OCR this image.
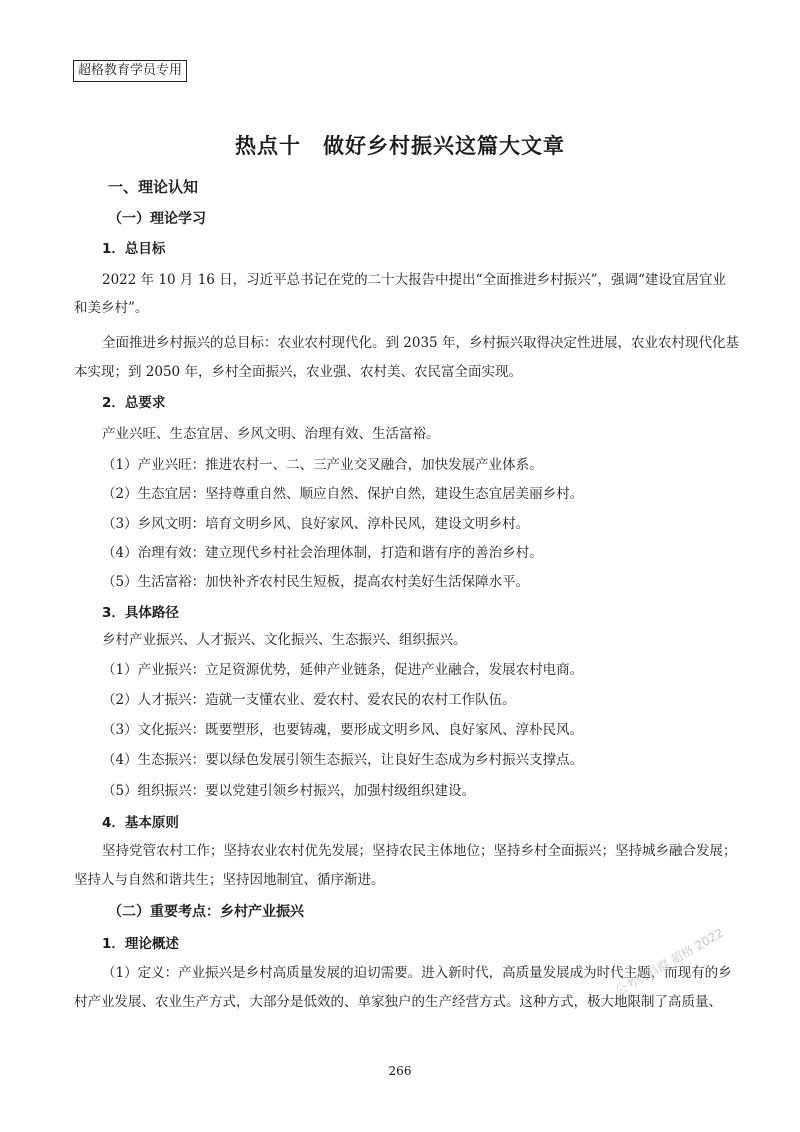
超格教育学员专用
热点十 做好乡村振兴这篇大文章
一、理论认知
（一）理论学习
1．总目标
2022 年 10 月 16 日，习近平总书记在党的二十大报告中提出“全面推进乡村振兴”，强调“建设宜居宜业
和美乡村”。
全面推进乡村振兴的总目标：农业农村现代化。到 2035 年，乡村振兴取得决定性进展，农业农村现代化基
本实现；到 2050 年，乡村全面振兴，农业强、农村美、农民富全面实现。
2．总要求
产业兴旺、生态宜居、乡风文明、治理有效、生活富裕。
（1）产业兴旺：推进农村一、二、三产业交叉融合，加快发展产业体系。
（2）生态宜居：坚持尊重自然、顺应自然、保护自然，建设生态宜居美丽乡村。
（3）乡风文明：培育文明乡风、良好家风、淳朴民风，建设文明乡村。
（4）治理有效：建立现代乡村社会治理体制，打造和谐有序的善治乡村。
（5）生活富裕：加快补齐农村民生短板，提高农村美好生活保障水平。
3．具体路径
乡村产业振兴、人才振兴、文化振兴、生态振兴、组织振兴。
（1）产业振兴：立足资源优势，延伸产业链条，促进产业融合，发展农村电商。
（2）人才振兴：造就一支懂农业、爱农村、爱农民的农村工作队伍。
（3）文化振兴：既要塑形，也要铸魂，要形成文明乡风、良好家风、淳朴民风。
（4）生态振兴：要以绿色发展引领生态振兴，让良好生态成为乡村振兴支撑点。
（5）组织振兴：要以党建引领乡村振兴，加强村级组织建设。
4．基本原则
坚持党管农村工作；坚持农业农村优先发展；坚持农民主体地位；坚持乡村全面振兴；坚持城乡融合发展；
坚持人与自然和谐共生；坚持因地制宜、循序渐进。
（二）重要考点：乡村产业振兴
1．理论概述
（1）定义：产业振兴是乡村高质量发展的迫切需要。进入新时代，高质量发展成为时代主题，而现有的乡
村产业发展、农业生产方式，大部分是低效的、单家独户的生产经营方式。这种方式，极大地限制了高质量、
公考资料群 超格 2022
266
